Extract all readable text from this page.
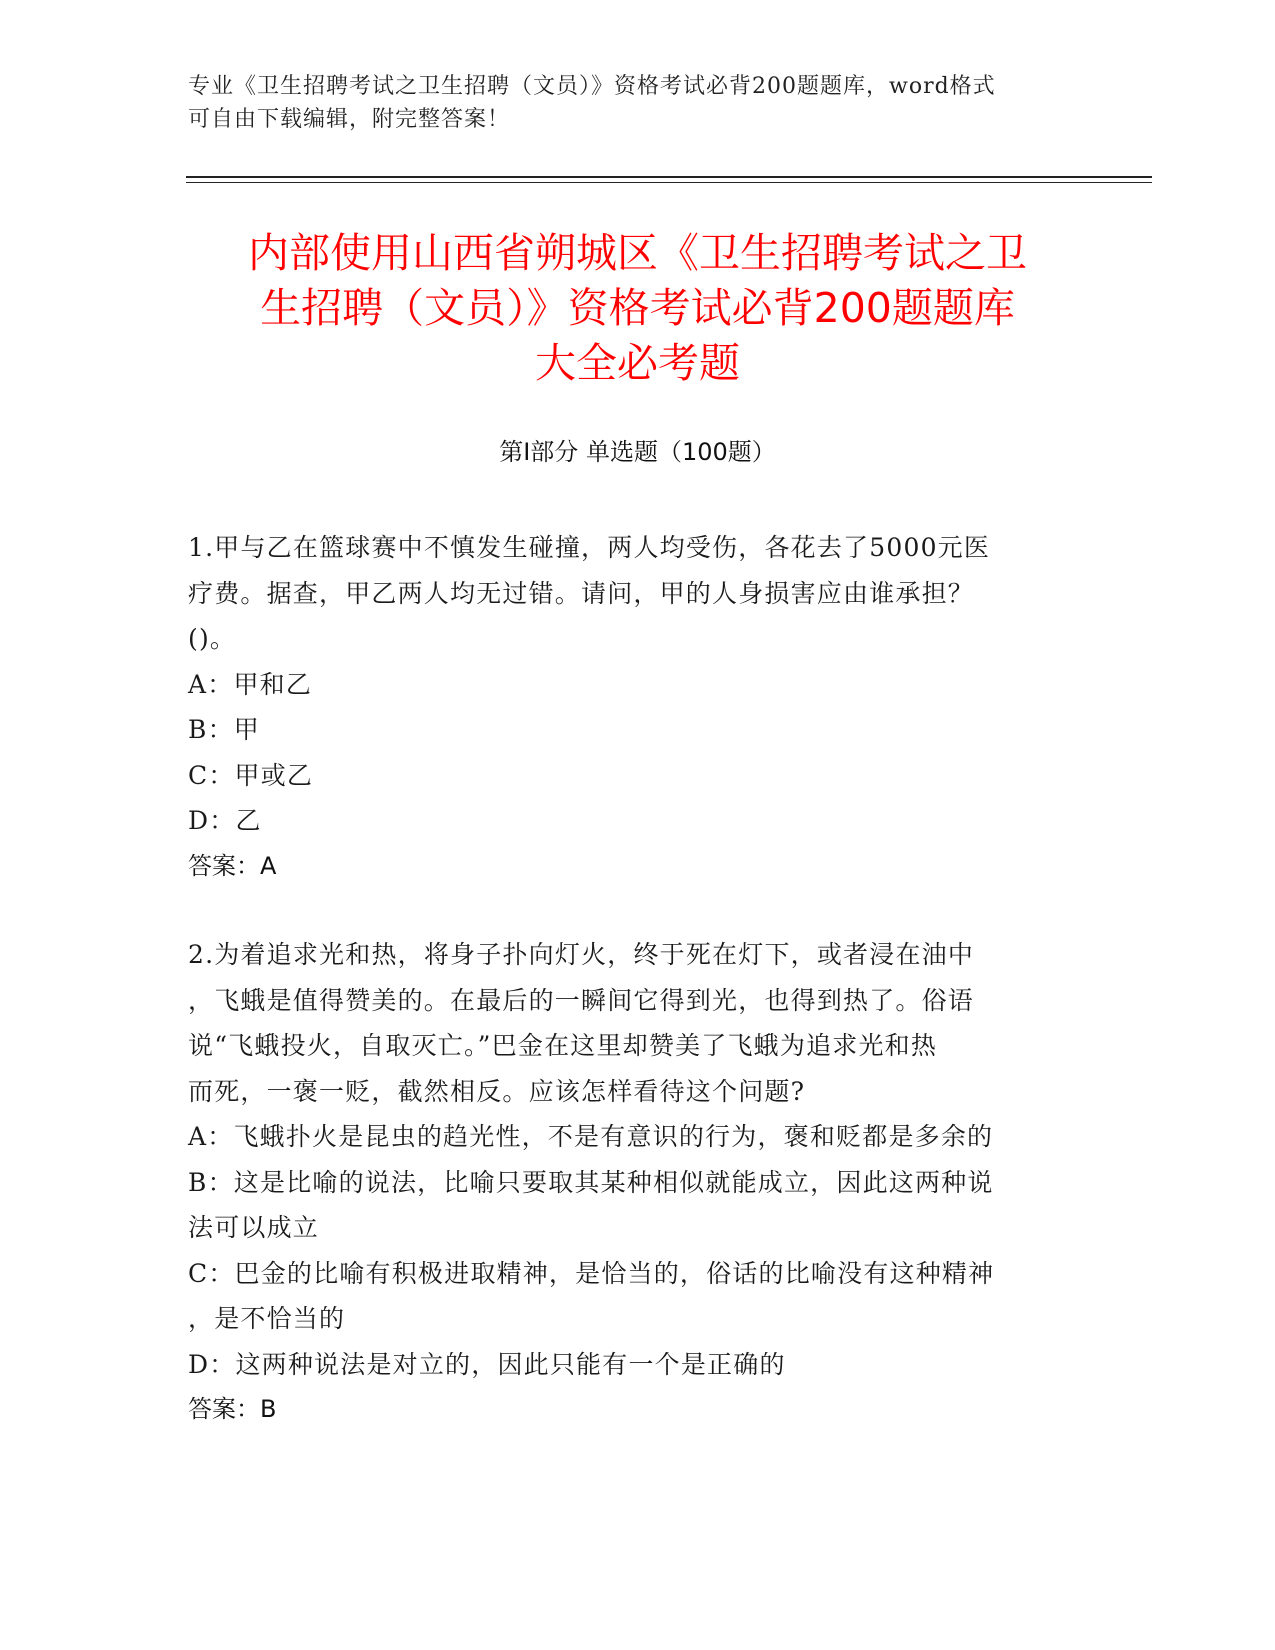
专业《卫生招聘考试之卫生招聘（文员）》资格考试必背200题题库，word格式
可自由下载编辑，附完整答案！
内部使用山西省朔城区《卫生招聘考试之卫
生招聘（文员）》资格考试必背200题题库
大全必考题
第Ⅰ部分 单选题（100题）

1.甲与乙在篮球赛中不慎发生碰撞，两人均受伤，各花去了5000元医

疗费。据查，甲乙两人均无过错。请问，甲的人身损害应由谁承担？

()。

A：甲和乙

B：甲

C：甲或乙

D：乙

答案：A

2.为着追求光和热，将身子扑向灯火，终于死在灯下，或者浸在油中

，飞蛾是值得赞美的。在最后的一瞬间它得到光，也得到热了。俗语

说“飞蛾投火，自取灭亡。”巴金在这里却赞美了飞蛾为追求光和热

而死，一褒一贬，截然相反。应该怎样看待这个问题?

A：飞蛾扑火是昆虫的趋光性，不是有意识的行为，褒和贬都是多余的

B：这是比喻的说法，比喻只要取其某种相似就能成立，因此这两种说

法可以成立

C：巴金的比喻有积极进取精神，是恰当的，俗话的比喻没有这种精神

，是不恰当的

D：这两种说法是对立的，因此只能有一个是正确的

答案：B
